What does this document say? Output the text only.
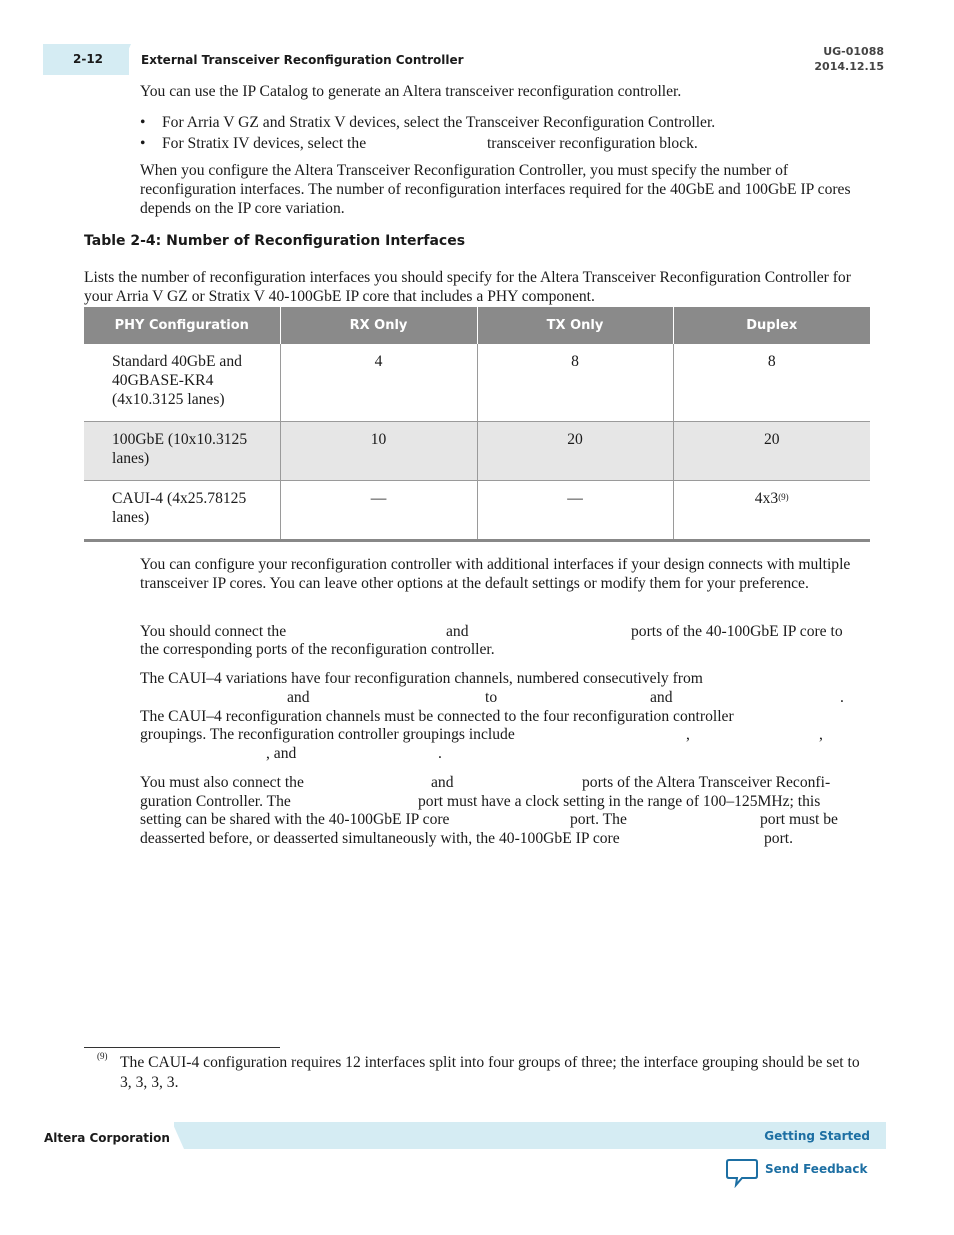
2-12	External Transceiver Reconfiguration Controller
UG-01088
2014.12.15
You can use the IP Catalog to generate an Altera transceiver reconfiguration controller.
• For Arria V GZ and Stratix V devices, select the Transceiver Reconfiguration Controller.
• For Stratix IV devices, select the                               transceiver reconfiguration block.
When you configure the Altera Transceiver Reconfiguration Controller, you must specify the number of reconfiguration interfaces. The number of reconfiguration interfaces required for the 40GbE and 100GbE IP cores depends on the IP core variation.
Table 2-4: Number of Reconfiguration Interfaces
Lists the number of reconfiguration interfaces you should specify for the Altera Transceiver Reconfiguration Controller for your Arria V GZ or Stratix V 40-100GbE IP core that includes a PHY component.
PHY Configuration	RX Only	TX Only	Duplex
Standard 40GbE and 40GBASE-KR4 (4x10.3125 lanes)	4	8	8
100GbE (10x10.3125 lanes)	10	20	20
CAUI-4 (4x25.78125 lanes)	—	—	4x3$^{(9)}$
You can configure your reconfiguration controller with additional interfaces if your design connects with multiple transceiver IP cores. You can leave other options at the default settings or modify them for your preference.
You should connect the	and	ports of the 40-100GbE IP core to
the corresponding ports of the reconfiguration controller.
The CAUI–4 variations have four reconfiguration channels, numbered consecutively from
and	to	and	.
The CAUI–4 reconfiguration channels must be connected to the four reconfiguration controller
groupings. The reconfiguration controller groupings include	,	,
, and	.
You must also connect the	and	ports of the Altera Transceiver Reconfi-
guration Controller. The	port must have a clock setting in the range of 100–125MHz; this
setting can be shared with the 40-100GbE IP core	port. The	port must be
deasserted before, or deasserted simultaneously with, the 40-100GbE IP core	port.
(9) The CAUI-4 configuration requires 12 interfaces split into four groups of three; the interface grouping should be set to 3, 3, 3, 3.
Altera Corporation	Getting Started
Send Feedback
